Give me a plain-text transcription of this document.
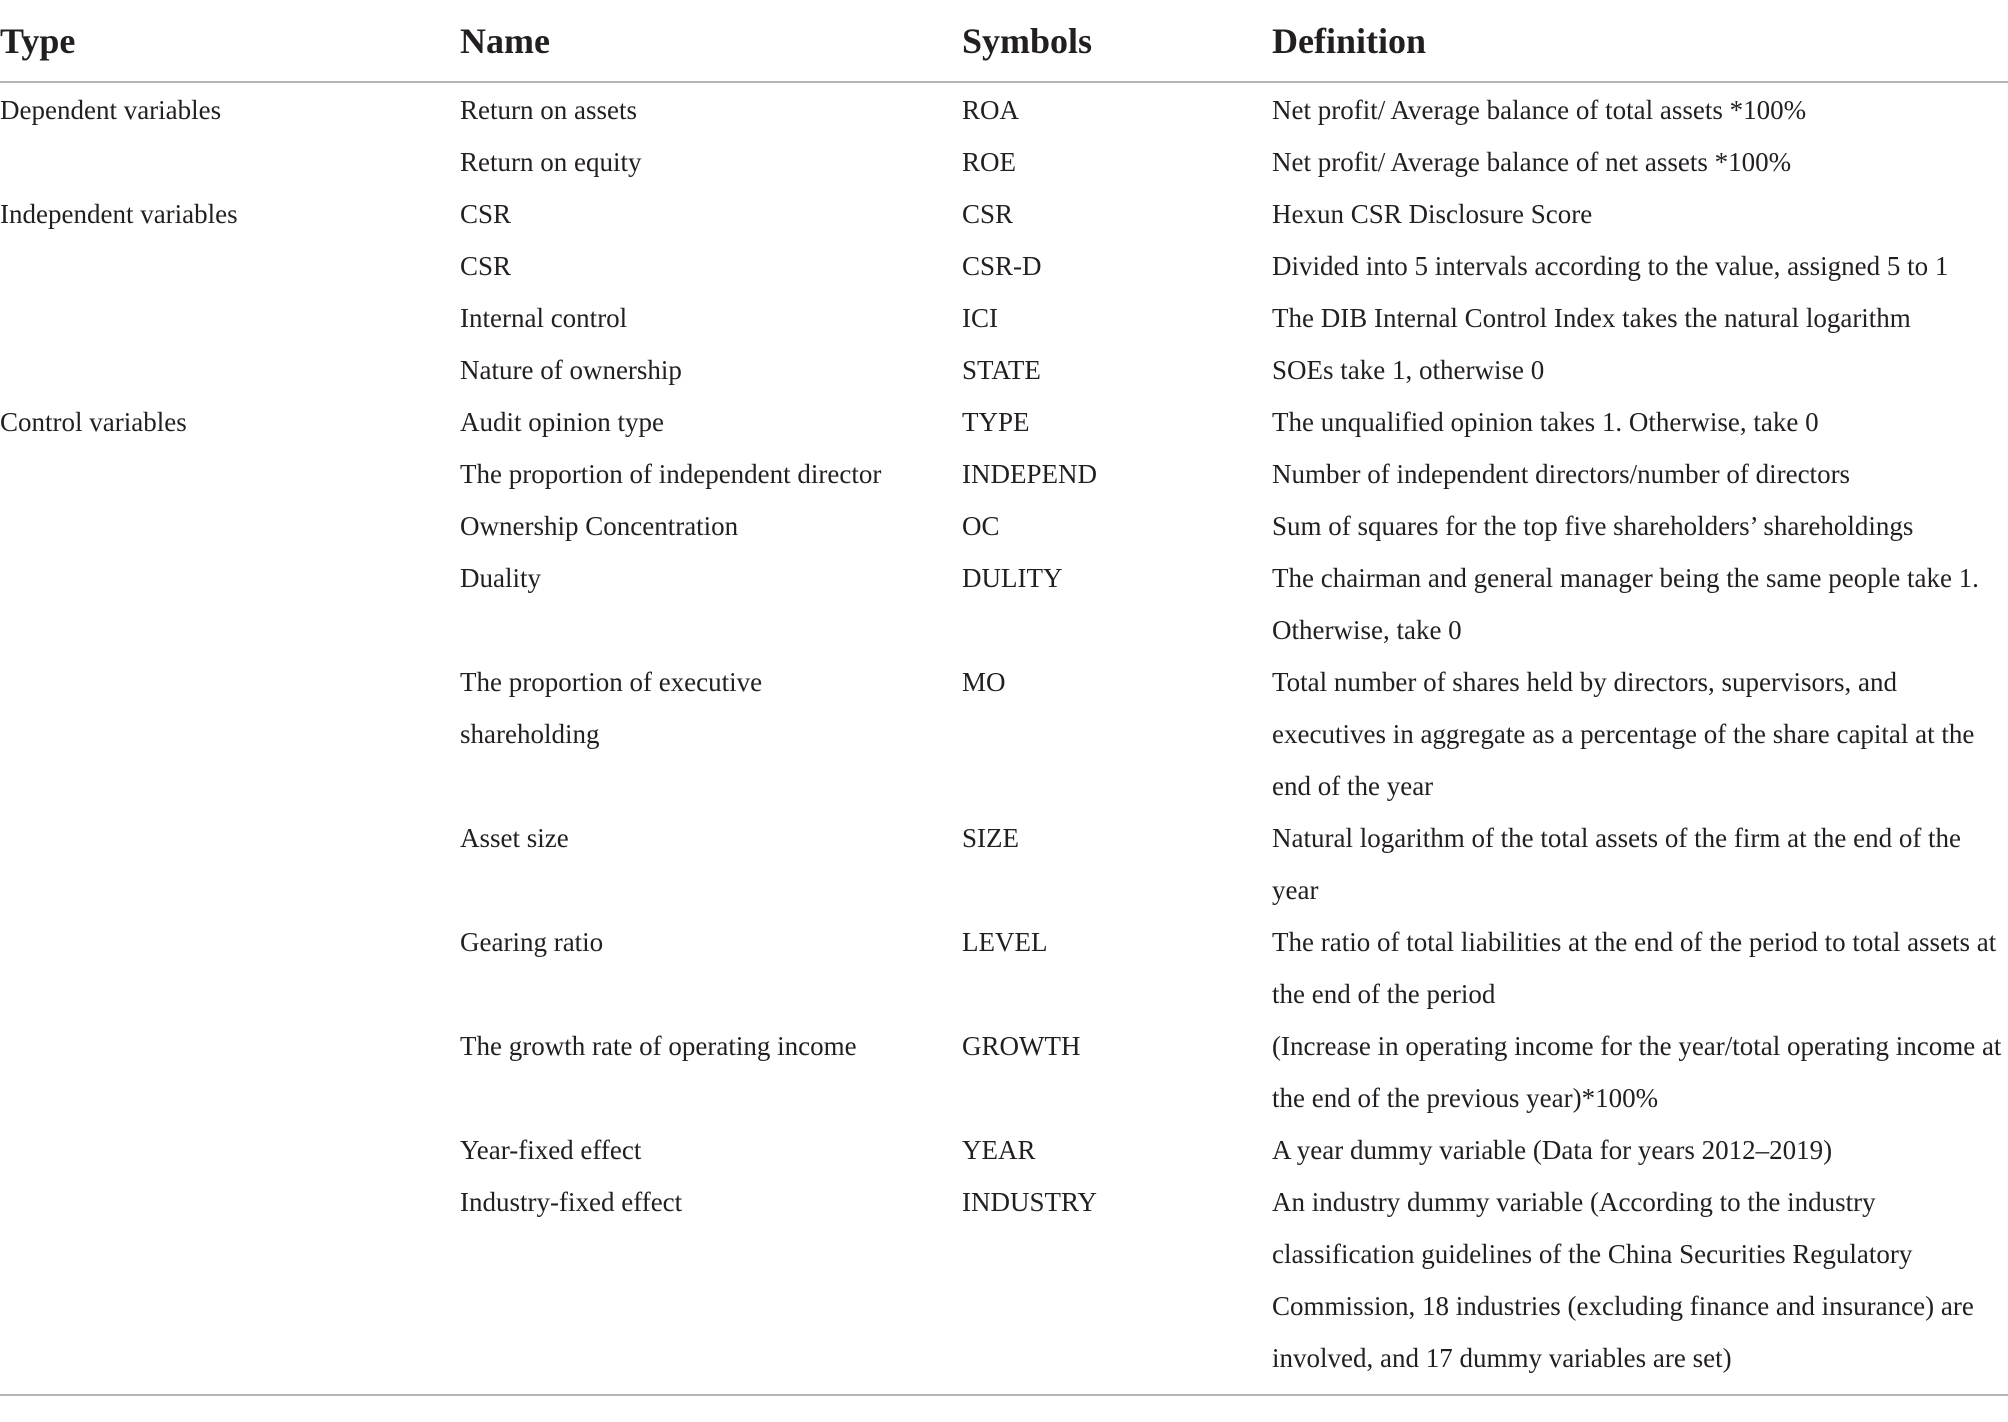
Type	Name	Symbols	Definition
Dependent variables	Return on assets	ROA	Net profit/ Average balance of total assets *100%
	Return on equity	ROE	Net profit/ Average balance of net assets *100%
Independent variables	CSR	CSR	Hexun CSR Disclosure Score
	CSR	CSR-D	Divided into 5 intervals according to the value, assigned 5 to 1
	Internal control	ICI	The DIB Internal Control Index takes the natural logarithm
	Nature of ownership	STATE	SOEs take 1, otherwise 0
Control variables	Audit opinion type	TYPE	The unqualified opinion takes 1. Otherwise, take 0
	The proportion of independent director	INDEPEND	Number of independent directors/number of directors
	Ownership Concentration	OC	Sum of squares for the top five shareholders’ shareholdings
	Duality	DULITY	The chairman and general manager being the same people take 1. Otherwise, take 0
	The proportion of executive shareholding	MO	Total number of shares held by directors, supervisors, and executives in aggregate as a percentage of the share capital at the end of the year
	Asset size	SIZE	Natural logarithm of the total assets of the firm at the end of the year
	Gearing ratio	LEVEL	The ratio of total liabilities at the end of the period to total assets at the end of the period
	The growth rate of operating income	GROWTH	(Increase in operating income for the year/total operating income at the end of the previous year)*100%
	Year-fixed effect	YEAR	A year dummy variable (Data for years 2012–2019)
	Industry-fixed effect	INDUSTRY	An industry dummy variable (According to the industry classification guidelines of the China Securities Regulatory Commission, 18 industries (excluding finance and insurance) are involved, and 17 dummy variables are set)
